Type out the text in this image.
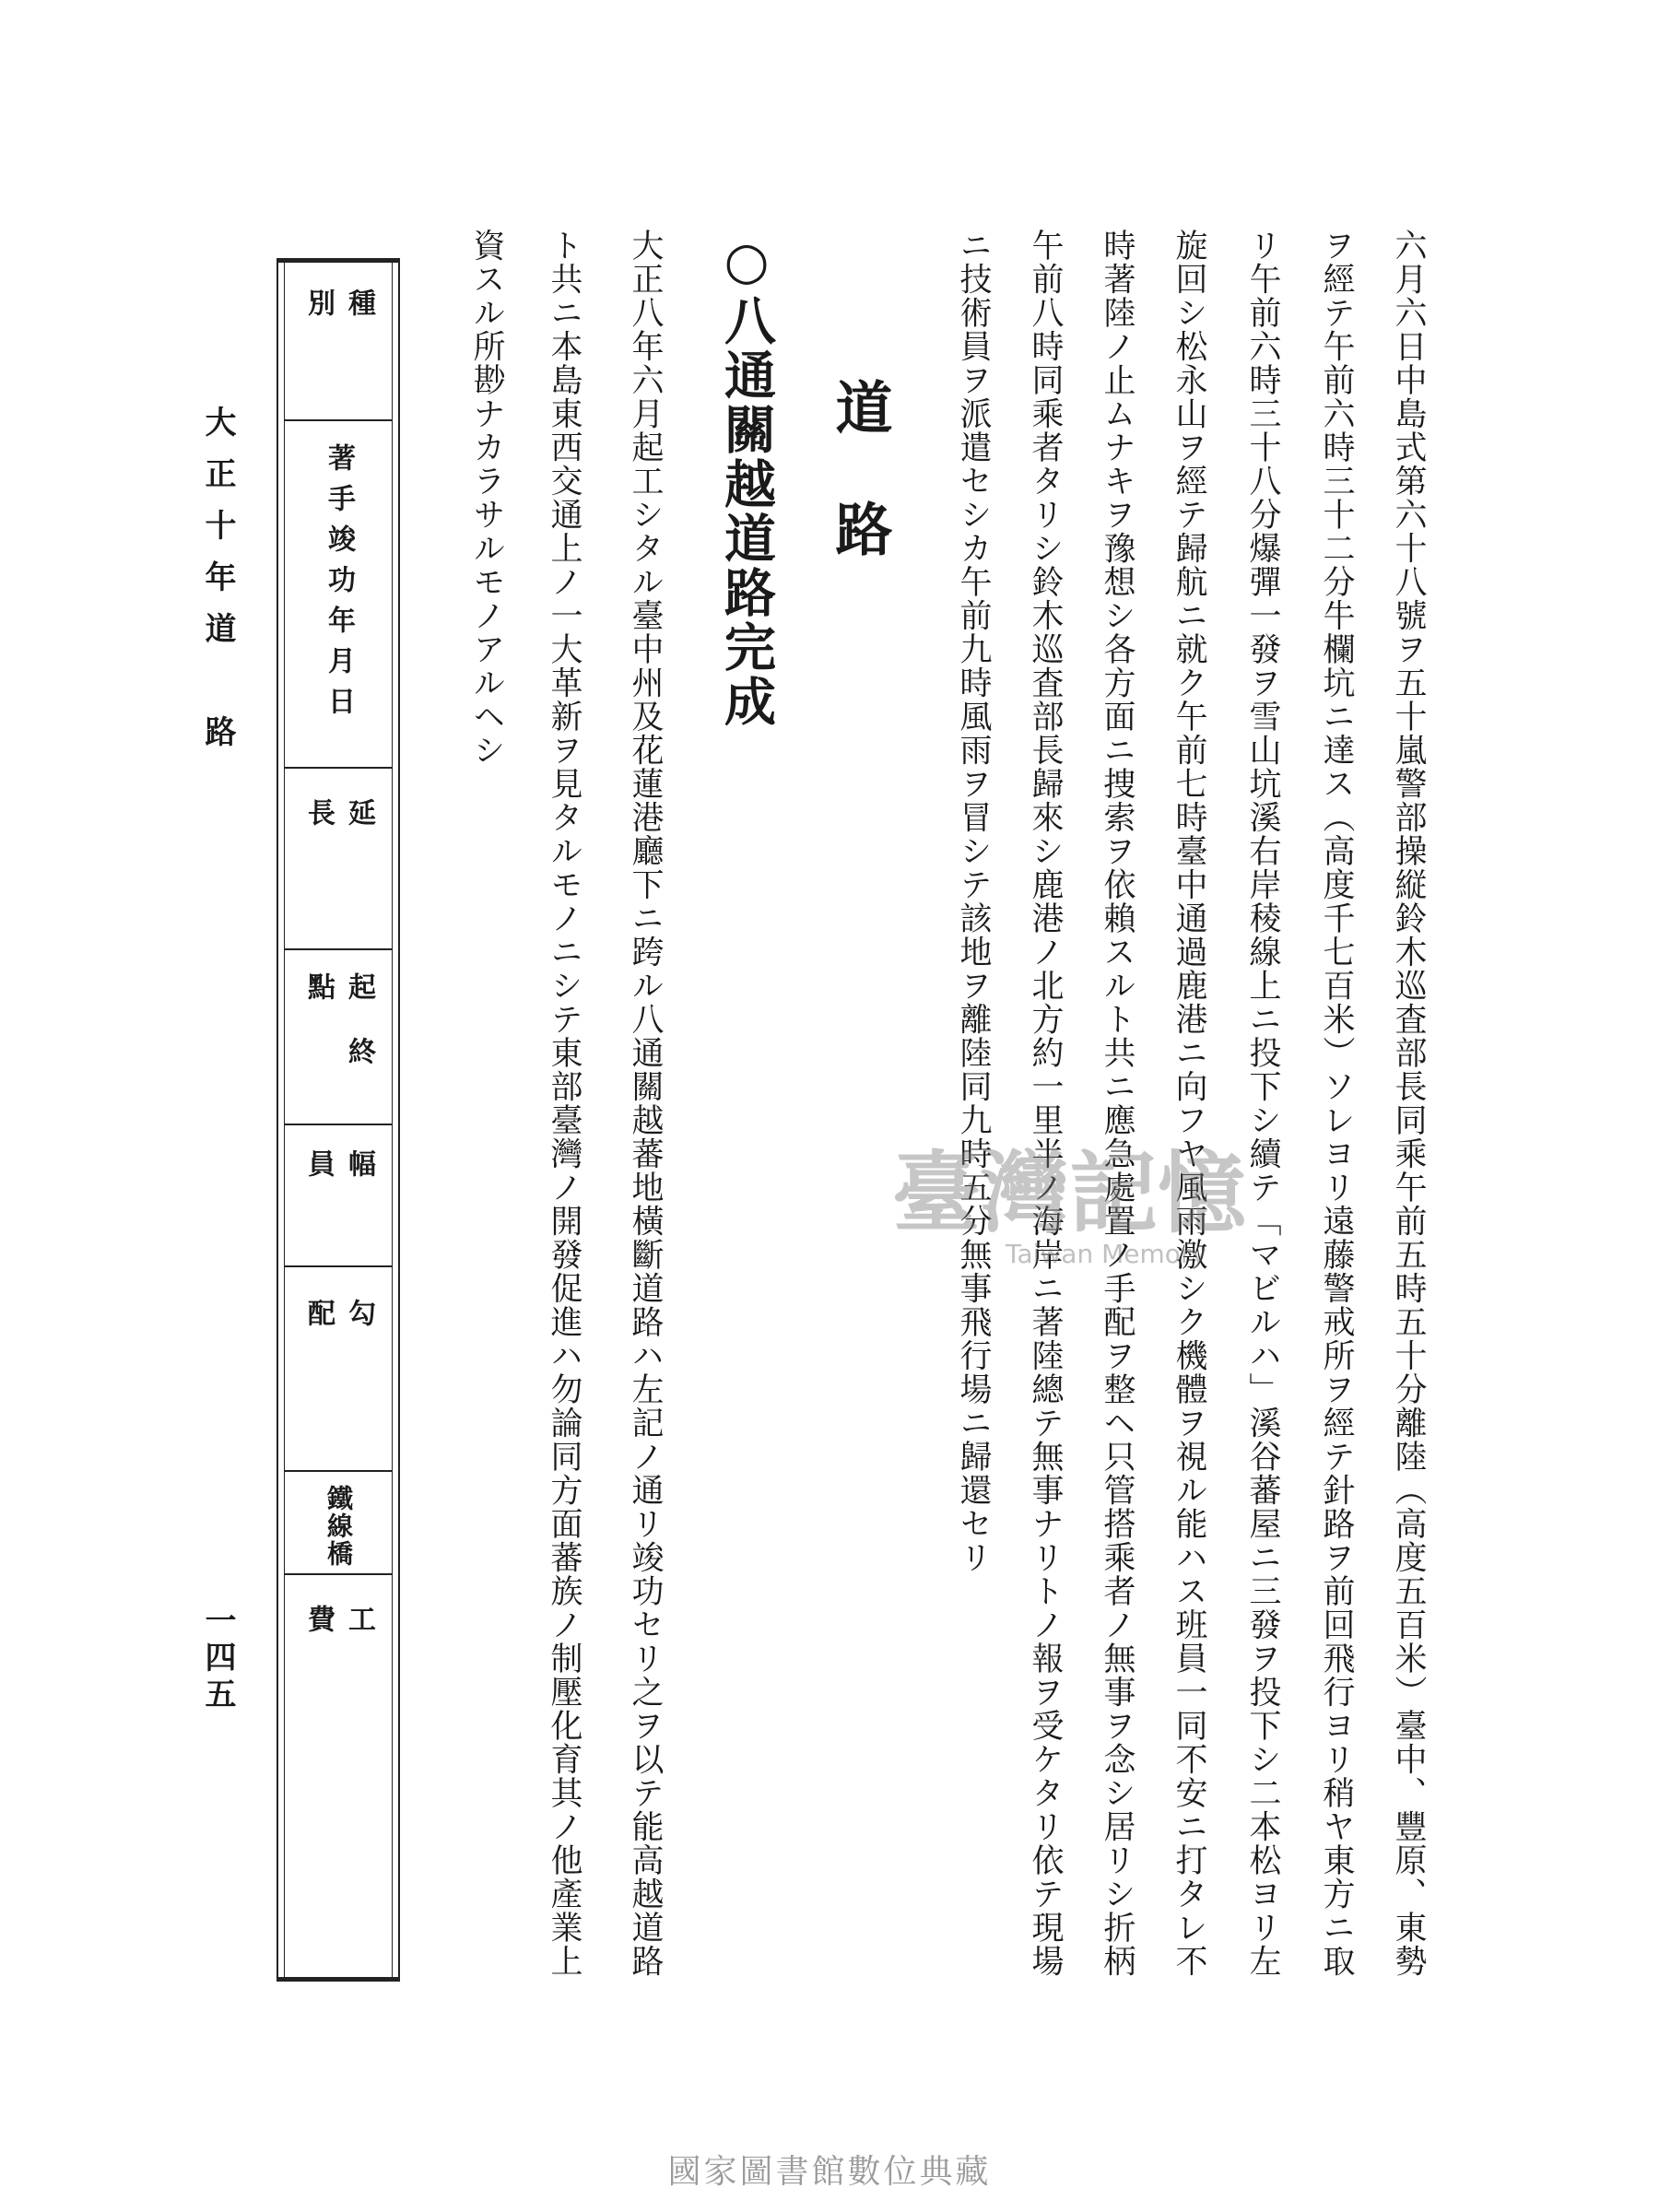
六月六日中島式第六十八號ヲ五十嵐警部操縦鈴木巡査部長同乘午前五時五十分離陸（高度五百米）臺中、豐原、東勢
ヲ經テ午前六時三十二分牛欄坑ニ達ス（高度千七百米）ソレヨリ遠藤警戒所ヲ經テ針路ヲ前回飛行ヨリ稍ヤ東方ニ取
リ午前六時三十八分爆彈一發ヲ雪山坑溪右岸稜線上ニ投下シ續テ「マビルハ」溪谷蕃屋ニ三發ヲ投下シ二本松ヨリ左
旋回シ松永山ヲ經テ歸航ニ就ク午前七時臺中通過鹿港ニ向フヤ風雨激シク機體ヲ視ル能ハス班員一同不安ニ打タレ不
時著陸ノ止ムナキヲ豫想シ各方面ニ捜索ヲ依賴スルト共ニ應急處置ノ手配ヲ整ヘ只管搭乘者ノ無事ヲ念シ居リシ折柄
午前八時同乘者タリシ鈴木巡査部長歸來シ鹿港ノ北方約一里半ノ海岸ニ著陸總テ無事ナリトノ報ヲ受ケタリ依テ現場
ニ技術員ヲ派遣セシカ午前九時風雨ヲ冒シテ該地ヲ離陸同九時五分無事飛行場ニ歸還セリ
道路
○八通關越道路完成
大正八年六月起工シタル臺中州及花蓮港廳下ニ跨ル八通關越蕃地橫斷道路ハ左記ノ通リ竣功セリ之ヲ以テ能高越道路
ト共ニ本島東西交通上ノ一大革新ヲ見タルモノニシテ東部臺灣ノ開發促進ハ勿論同方面蕃族ノ制壓化育其ノ他產業上
資スル所尠ナカラサルモノアルヘシ
種別
著手竣功年月日
延長
起終點
幅員
勾配
鐵線橋
工費
大正十年道　路
一四五
臺灣記憶
Taiwan Memory
國家圖書館數位典藏
